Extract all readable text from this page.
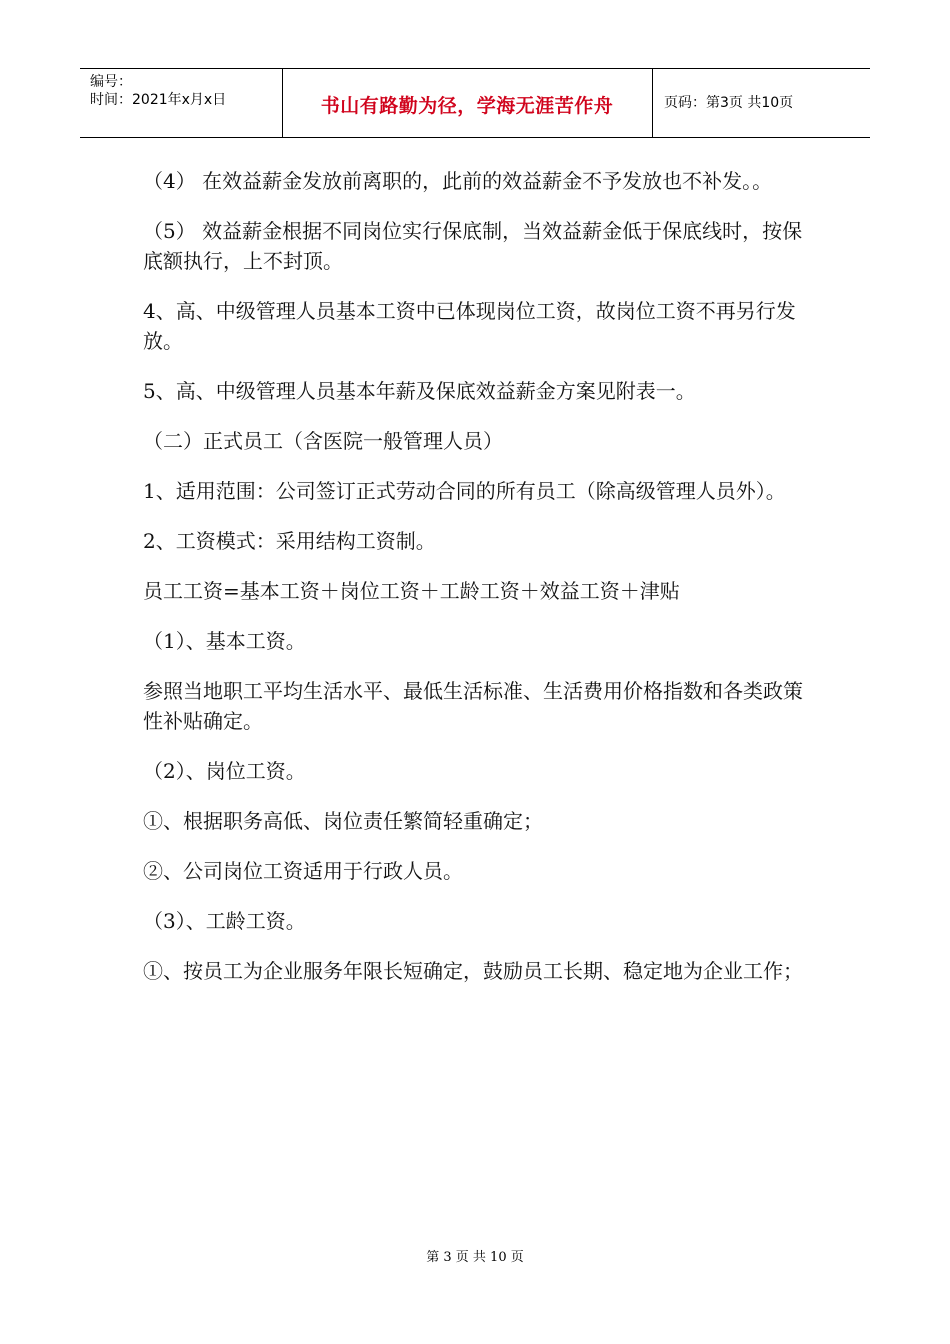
编号：
时间：2021年x月x日	书山有路勤为径，学海无涯苦作舟	页码：第3页 共10页

（4） 在效益薪金发放前离职的，此前的效益薪金不予发放也不补发。。

（5） 效益薪金根据不同岗位实行保底制，当效益薪金低于保底线时，按保底额执行，上不封顶。

4、高、中级管理人员基本工资中已体现岗位工资，故岗位工资不再另行发放。

5、高、中级管理人员基本年薪及保底效益薪金方案见附表一。

（二）正式员工（含医院一般管理人员）

1、适用范围：公司签订正式劳动合同的所有员工（除高级管理人员外）。

2、工资模式：采用结构工资制。

员工工资=基本工资＋岗位工资＋工龄工资＋效益工资＋津贴

（1）、基本工资。

参照当地职工平均生活水平、最低生活标准、生活费用价格指数和各类政策性补贴确定。

（2）、岗位工资。

①、根据职务高低、岗位责任繁简轻重确定；

②、公司岗位工资适用于行政人员。

（3）、工龄工资。

①、按员工为企业服务年限长短确定，鼓励员工长期、稳定地为企业工作；

第 3 页 共 10 页
